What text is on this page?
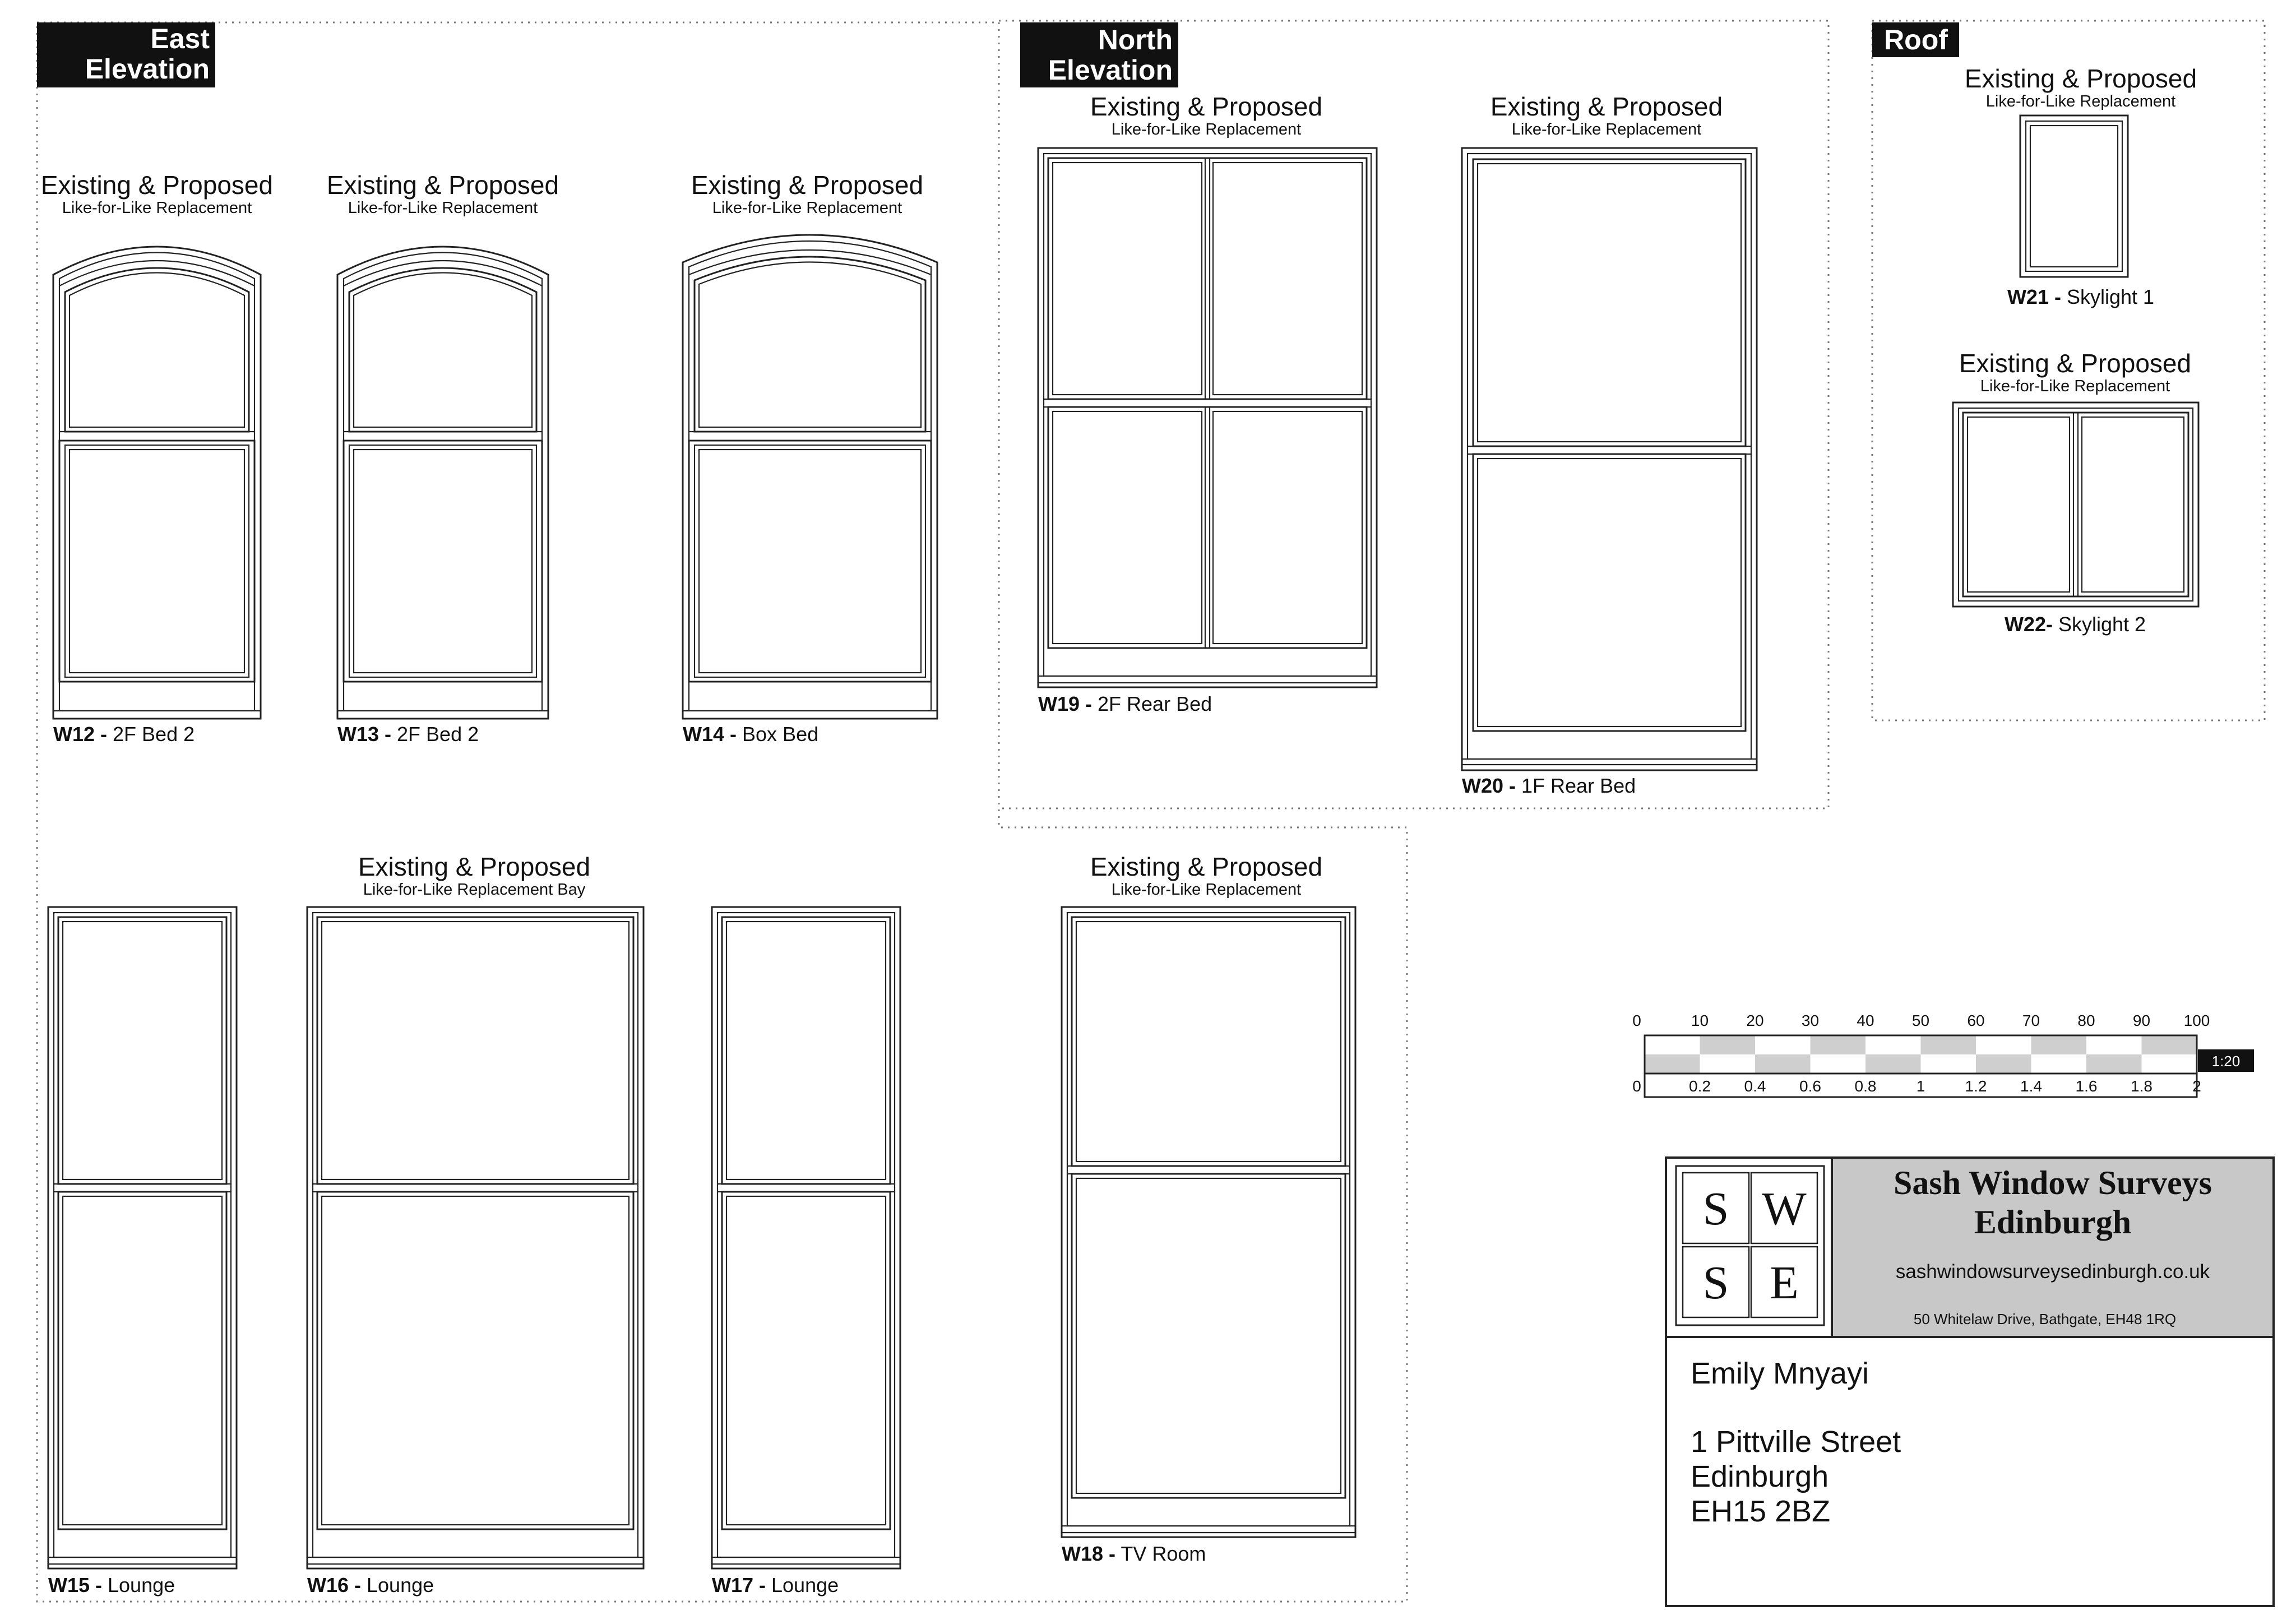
East
Elevation
North
Elevation
Roof
Existing & Proposed
Like-for-Like Replacement
W12 - 2F Bed 2
Existing & Proposed
Like-for-Like Replacement
W13 - 2F Bed 2
Existing & Proposed
Like-for-Like Replacement
W14 - Box Bed
Existing & Proposed
Like-for-Like Replacement
W19 - 2F Rear Bed
Existing & Proposed
Like-for-Like Replacement
W20 - 1F Rear Bed
Existing & Proposed
Like-for-Like Replacement
W21 - Skylight 1
Existing & Proposed
Like-for-Like Replacement
W22- Skylight 2
W15 - Lounge
Existing & Proposed
Like-for-Like Replacement Bay
W16 - Lounge	W17 - Lounge
Existing & Proposed
Like-for-Like Replacement
W18 - TV Room
0	10 20 30 40 50 60 70 80 90 100
0	0.2 0.4 0.6 0.8	1	1.2 1.4 1.6 1.8	2
1:20
S W
S E
Sash Window Surveys
Edinburgh
sashwindowsurveysedinburgh.co.uk
50 Whitelaw Drive, Bathgate, EH48 1RQ
Emily Mnyayi
1 Pittville Street
Edinburgh
EH15 2BZ
